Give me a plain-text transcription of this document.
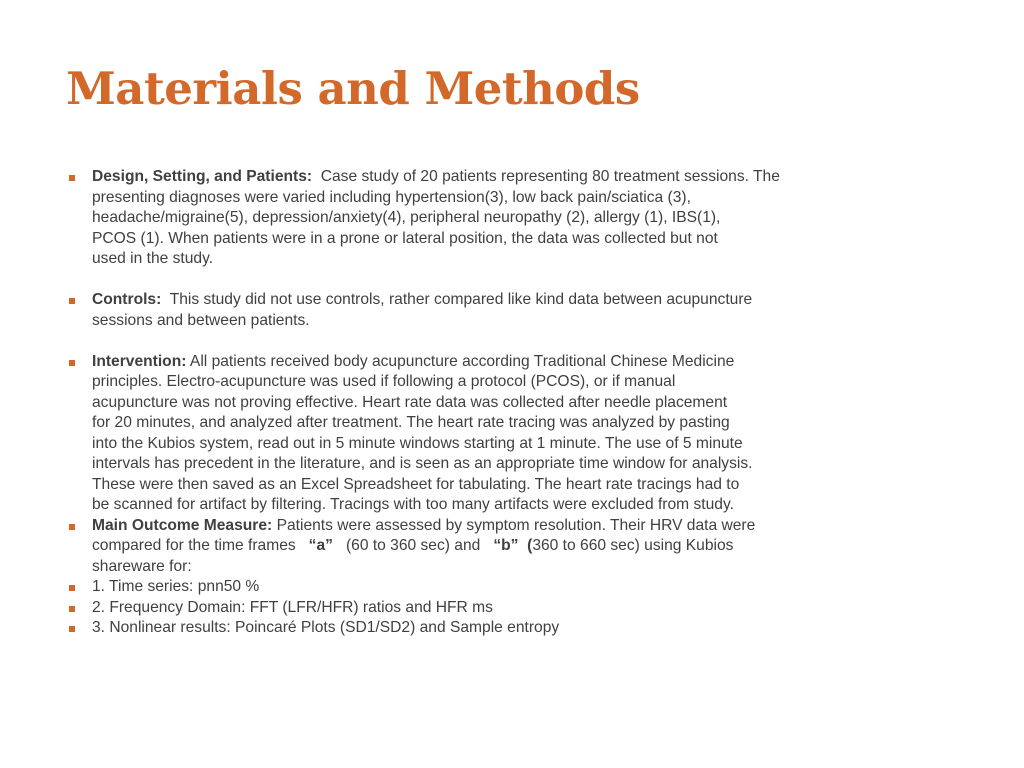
Materials and Methods
Design, Setting, and Patients: Case study of 20 patients representing 80 treatment sessions. The
presenting diagnoses were varied including hypertension(3), low back pain/sciatica (3),
headache/migraine(5), depression/anxiety(4), peripheral neuropathy (2), allergy (1), IBS(1),
PCOS (1). When patients were in a prone or lateral position, the data was collected but not
used in the study.
Controls: This study did not use controls, rather compared like kind data between acupuncture
sessions and between patients.
Intervention: All patients received body acupuncture according Traditional Chinese Medicine
principles. Electro-acupuncture was used if following a protocol (PCOS), or if manual
acupuncture was not proving effective. Heart rate data was collected after needle placement
for 20 minutes, and analyzed after treatment. The heart rate tracing was analyzed by pasting
into the Kubios system, read out in 5 minute windows starting at 1 minute. The use of 5 minute
intervals has precedent in the literature, and is seen as an appropriate time window for analysis.
These were then saved as an Excel Spreadsheet for tabulating. The heart rate tracings had to
be scanned for artifact by filtering. Tracings with too many artifacts were excluded from study.
Main Outcome Measure: Patients were assessed by symptom resolution. Their HRV data were
compared for the time frames “a” (60 to 360 sec) and “b” (360 to 660 sec) using Kubios
shareware for:
1. Time series: pnn50 %
2. Frequency Domain: FFT (LFR/HFR) ratios and HFR ms
3. Nonlinear results: Poincaré Plots (SD1/SD2) and Sample entropy
